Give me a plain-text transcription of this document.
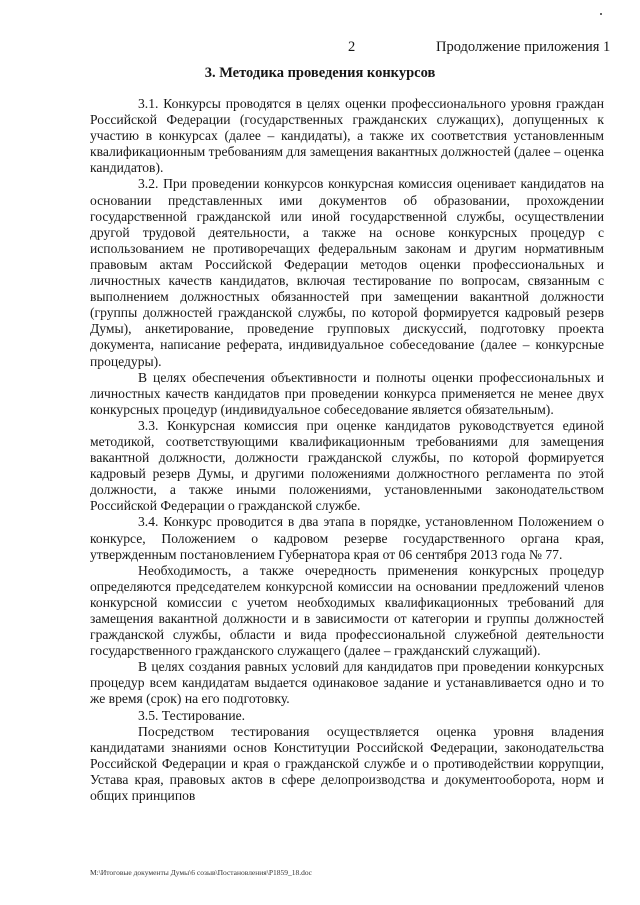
2	Продолжение приложения 1
3. Методика проведения конкурсов

3.1. Конкурсы проводятся в целях оценки профессионального уровня граждан Российской Федерации (государственных гражданских служащих), допущенных к участию в конкурсах (далее – кандидаты), а также их соответствия установленным квалификационным требованиям для замещения вакантных должностей (далее – оценка кандидатов).

3.2. При проведении конкурсов конкурсная комиссия оценивает кандидатов на основании представленных ими документов об образовании, прохождении государственной гражданской или иной государственной службы, осуществлении другой трудовой деятельности, а также на основе конкурсных процедур с использованием не противоречащих федеральным законам и другим нормативным правовым актам Российской Федерации методов оценки профессиональных и личностных качеств кандидатов, включая тестирование по вопросам, связанным с выполнением должностных обязанностей при замещении вакантной должности (группы должностей гражданской службы, по которой формируется кадровый резерв Думы), анкетирование, проведение групповых дискуссий, подготовку проекта документа, написание реферата, индивидуальное собеседование (далее – конкурсные процедуры).

В целях обеспечения объективности и полноты оценки профессиональных и личностных качеств кандидатов при проведении конкурса применяется не менее двух конкурсных процедур (индивидуальное собеседование является обязательным).

3.3. Конкурсная комиссия при оценке кандидатов руководствуется единой методикой, соответствующими квалификационным требованиями для замещения вакантной должности, должности гражданской службы, по которой формируется кадровый резерв Думы, и другими положениями должностного регламента по этой должности, а также иными положениями, установленными законодательством Российской Федерации о гражданской службе.

3.4. Конкурс проводится в два этапа в порядке, установленном Положением о конкурсе, Положением о кадровом резерве государственного органа края, утвержденным постановлением Губернатора края от 06 сентября 2013 года № 77.

Необходимость, а также очередность применения конкурсных процедур определяются председателем конкурсной комиссии на основании предложений членов конкурсной комиссии с учетом необходимых квалификационных требований для замещения вакантной должности и в зависимости от категории и группы должностей гражданской службы, области и вида профессиональной служебной деятельности государственного гражданского служащего (далее – гражданский служащий).

В целях создания равных условий для кандидатов при проведении конкурсных процедур всем кандидатам выдается одинаковое задание и устанавливается одно и то же время (срок) на его подготовку.

3.5. Тестирование.

Посредством тестирования осуществляется оценка уровня владения кандидатами знаниями основ Конституции Российской Федерации, законодательства Российской Федерации и края о гражданской службе и о противодействии коррупции, Устава края, правовых актов в сфере делопроизводства и документооборота, норм и общих принципов

M:\Итоговые документы Думы\6 созыв\Постановления\P1859_18.doc
